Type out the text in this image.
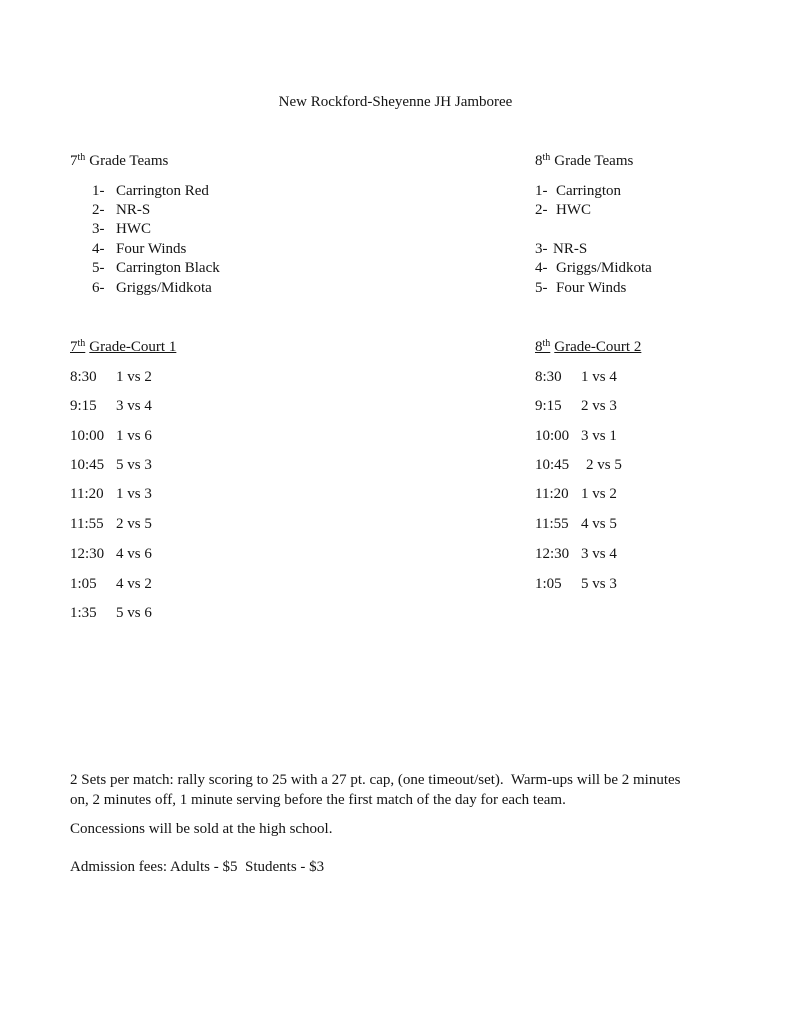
New Rockford-Sheyenne JH Jamboree
7th Grade Teams
1- Carrington Red
2- NR-S
3- HWC
4- Four Winds
5- Carrington Black
6- Griggs/Midkota
8th Grade Teams
1- Carrington
2- HWC
3- NR-S
4- Griggs/Midkota
5- Four Winds
7th Grade-Court 1
8:30 1 vs 2
9:15 3 vs 4
10:00 1 vs 6
10:45 5 vs 3
11:20 1 vs 3
11:55 2 vs 5
12:30 4 vs 6
1:05 4 vs 2
1:35 5 vs 6
8th Grade-Court 2
8:30 1 vs 4
9:15 2 vs 3
10:00 3 vs 1
10:45 2 vs 5
11:20 1 vs 2
11:55 4 vs 5
12:30 3 vs 4
1:05 5 vs 3
2 Sets per match: rally scoring to 25 with a 27 pt. cap, (one timeout/set).  Warm-ups will be 2 minutes
on, 2 minutes off, 1 minute serving before the first match of the day for each team.
Concessions will be sold at the high school.
Admission fees: Adults - $5  Students - $3
